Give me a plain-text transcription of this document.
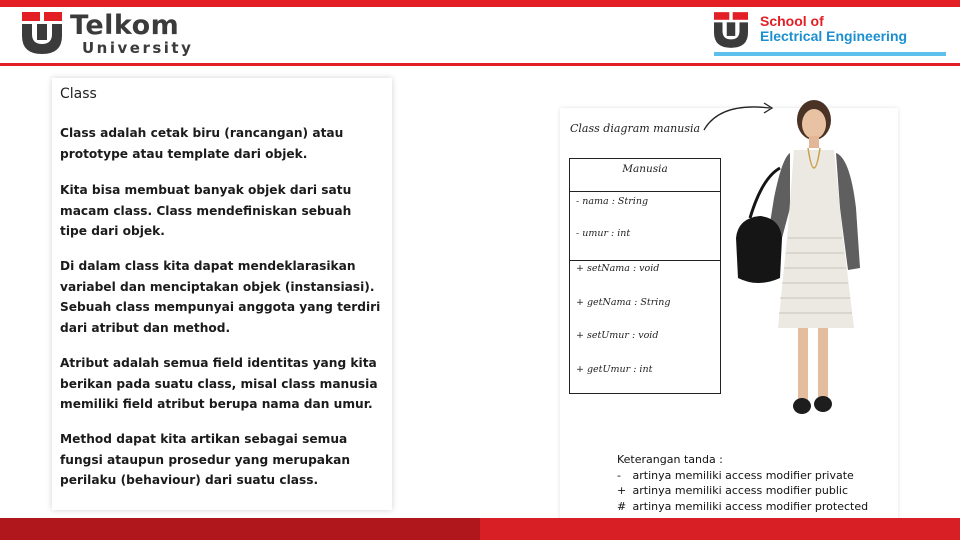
Telkom
University
School of
Electrical Engineering
Class
Class adalah cetak biru (rancangan) atau prototype atau template dari objek.
Kita bisa membuat banyak objek dari satu macam class. Class mendefiniskan sebuah tipe dari objek.
Di dalam class kita dapat mendeklarasikan variabel dan menciptakan objek (instansiasi). Sebuah class mempunyai anggota yang terdiri dari atribut dan method.
Atribut adalah semua field identitas yang kita berikan pada suatu class, misal class manusia memiliki field atribut berupa nama dan umur.
Method dapat kita artikan sebagai semua fungsi ataupun prosedur yang merupakan perilaku (behaviour) dari suatu class.
Class diagram manusia
Manusia
- nama : String
- umur : int
+ setNama : void
+ getNama : String
+ setUmur : void
+ getUmur : int
Keterangan tanda :
- artinya memiliki access modifier private
+ artinya memiliki access modifier public
# artinya memiliki access modifier protected
